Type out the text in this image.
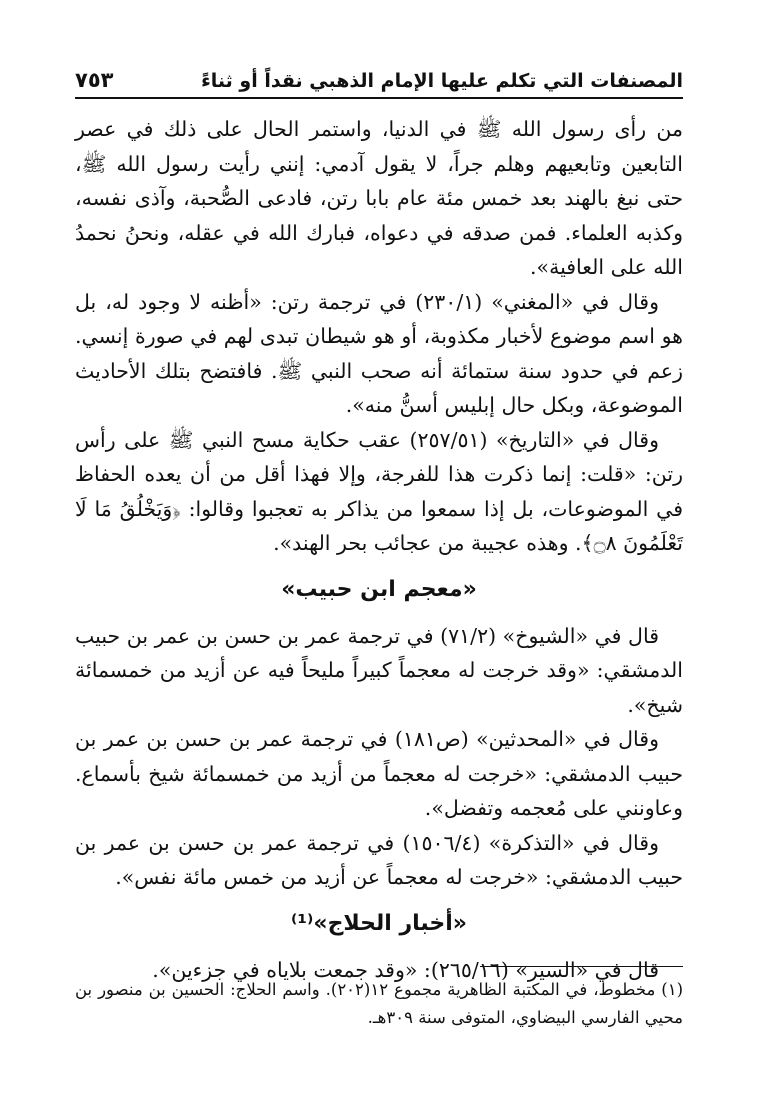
المصنفات التي تكلم عليها الإمام الذهبي نقداً أو ثناءً
٧٥٣

من رأى رسول الله ﷺ في الدنيا، واستمر الحال على ذلك في عصر التابعين وتابعيهم وهلم جراً، لا يقول آدمي: إنني رأيت رسول الله ﷺ، حتى نبغ بالهند بعد خمس مئة عام بابا رتن، فادعى الصُّحبة، وآذى نفسه، وكذبه العلماء. فمن صدقه في دعواه، فبارك الله في عقله، ونحنُ نحمدُ الله على العافية».

وقال في «المغني» (٢٣٠/١) في ترجمة رتن: «أظنه لا وجود له، بل هو اسم موضوع لأخبار مكذوبة، أو هو شيطان تبدى لهم في صورة إنسي. زعم في حدود سنة ستمائة أنه صحب النبي ﷺ. فافتضح بتلك الأحاديث الموضوعة، وبكل حال إبليس أسنُّ منه».

وقال في «التاريخ» (٢٥٧/٥١) عقب حكاية مسح النبي ﷺ على رأس رتن: «قلت: إنما ذكرت هذا للفرجة، وإلا فهذا أقل من أن يعده الحفاظ في الموضوعات، بل إذا سمعوا من يذاكر به تعجبوا وقالوا: ﴿وَيَخْلُقُ مَا لَا تَعْلَمُونَ ۝٨﴾. وهذه عجيبة من عجائب بحر الهند».

«معجم ابن حبيب»

قال في «الشيوخ» (٧١/٢) في ترجمة عمر بن حسن بن عمر بن حبيب الدمشقي: «وقد خرجت له معجماً كبيراً مليحاً فيه عن أزيد من خمسمائة شيخ».

وقال في «المحدثين» (ص١٨١) في ترجمة عمر بن حسن بن عمر بن حبيب الدمشقي: «خرجت له معجماً من أزيد من خمسمائة شيخ بأسماع. وعاونني على مُعجمه وتفضل».

وقال في «التذكرة» (١٥٠٦/٤) في ترجمة عمر بن حسن بن عمر بن حبيب الدمشقي: «خرجت له معجماً عن أزيد من خمس مائة نفس».

«أخبار الحلاج»⁽¹⁾

قال في «السير» (٢٦٥/١٦): «وقد جمعت بلاياه في جزءين».

(١) مخطوط، في المكتبة الظاهرية مجموع ١٢(٢٠٢). واسم الحلاج: الحسين بن منصور بن محيي الفارسي البيضاوي، المتوفى سنة ٣٠٩هـ.
